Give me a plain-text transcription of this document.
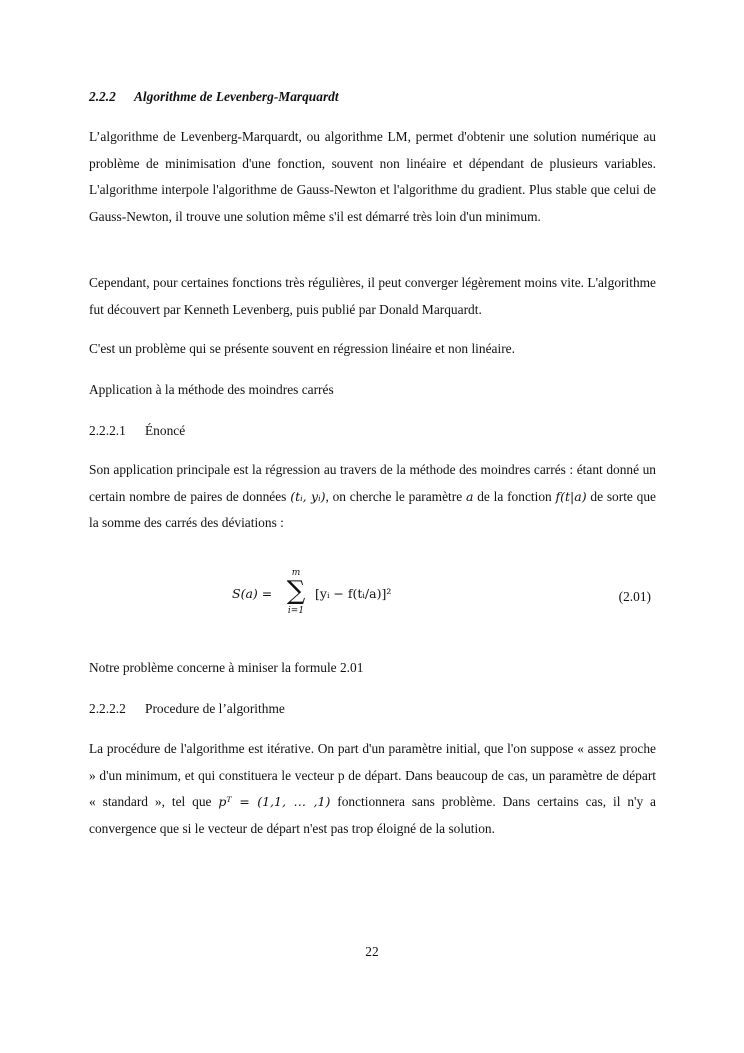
2.2.2 Algorithme de Levenberg-Marquardt

L’algorithme de Levenberg-Marquardt, ou algorithme LM, permet d'obtenir une solution numérique au problème de minimisation d'une fonction, souvent non linéaire et dépendant de plusieurs variables. L'algorithme interpole l'algorithme de Gauss-Newton et l'algorithme du gradient. Plus stable que celui de Gauss-Newton, il trouve une solution même s'il est démarré très loin d'un minimum.

Cependant, pour certaines fonctions très régulières, il peut converger légèrement moins vite. L'algorithme fut découvert par Kenneth Levenberg, puis publié par Donald Marquardt.

C'est un problème qui se présente souvent en régression linéaire et non linéaire.

Application à la méthode des moindres carrés

2.2.2.1 Énoncé

Son application principale est la régression au travers de la méthode des moindres carrés : étant donné un certain nombre de paires de données (tᵢ, yᵢ), on cherche le paramètre a de la fonction f(t|a) de sorte que la somme des carrés des déviations :

S(a) =
m
∑
i=1
[yᵢ − f(tᵢ/a)]²	(2.01)

Notre problème concerne à miniser la formule 2.01

2.2.2.2 Procedure de l’algorithme

La procédure de l'algorithme est itérative. On part d'un paramètre initial, que l'on suppose « assez proche » d'un minimum, et qui constituera le vecteur p de départ. Dans beaucoup de cas, un paramètre de départ « standard », tel que pᵀ = (1,1, … ,1) fonctionnera sans problème. Dans certains cas, il n'y a convergence que si le vecteur de départ n'est pas trop éloigné de la solution.

22
